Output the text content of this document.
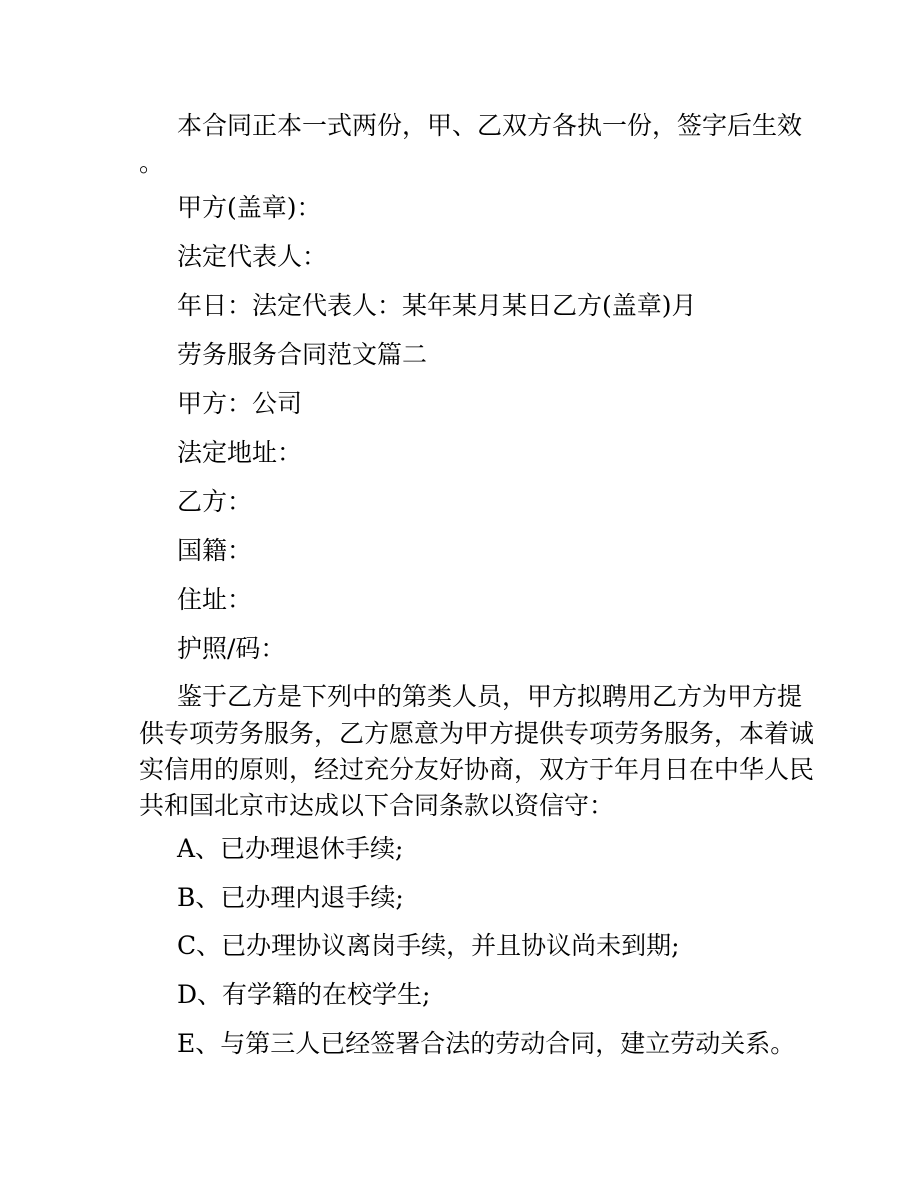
本合同正本一式两份，甲、乙双方各执一份，签字后生效
。
甲方(盖章)：
法定代表人：
年日：法定代表人：某年某月某日乙方(盖章)月
劳务服务合同范文篇二
甲方：公司
法定地址：
乙方：
国籍：
住址：
护照/码：
鉴于乙方是下列中的第类人员，甲方拟聘用乙方为甲方提
供专项劳务服务，乙方愿意为甲方提供专项劳务服务，本着诚
实信用的原则，经过充分友好协商，双方于年月日在中华人民
共和国北京市达成以下合同条款以资信守：
A、已办理退休手续;
B、已办理内退手续;
C、已办理协议离岗手续，并且协议尚未到期;
D、有学籍的在校学生;
E、与第三人已经签署合法的劳动合同，建立劳动关系。
